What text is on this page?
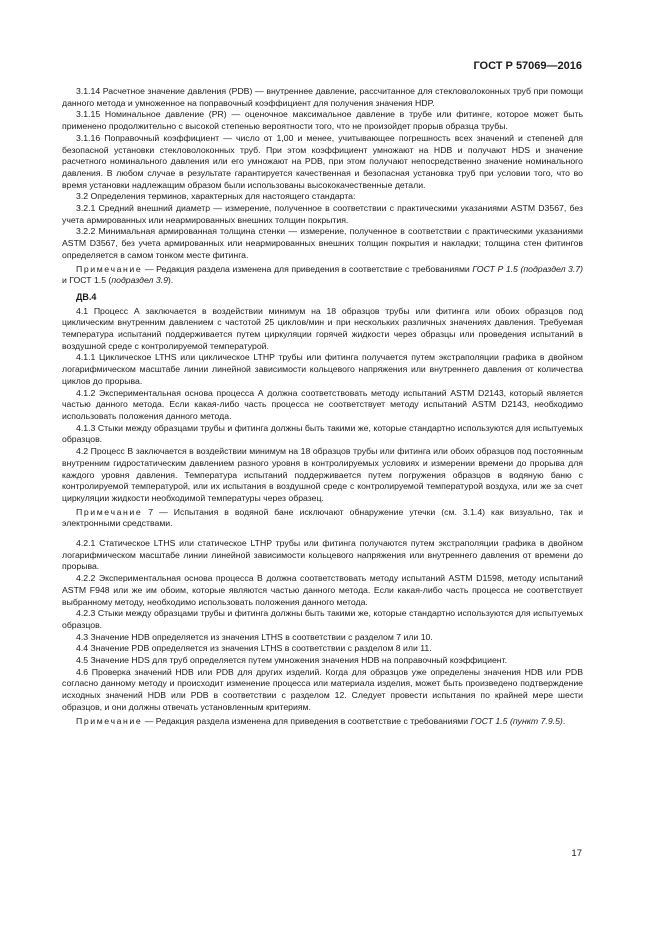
ГОСТ Р 57069—2016

3.1.14 Расчетное значение давления (PDB) — внутреннее давление, рассчитанное для стекловолоконных труб при помощи данного метода и умноженное на поправочный коэффициент для получения значения HDP.

3.1.15 Номинальное давление (PR) — оценочное максимальное давление в трубе или фитинге, которое может быть применено продолжительно с высокой степенью вероятности того, что не произойдет прорыв образца трубы.

3.1.16 Поправочный коэффициент — число от 1,00 и менее, учитывающее погрешность всех значений и степеней для безопасной установки стекловолоконных труб. При этом коэффициент умножают на HDB и получают HDS и значение расчетного номинального давления или его умножают на PDB, при этом получают непосредственно значение номинального давления. В любом случае в результате гарантируется качественная и безопасная установка труб при условии того, что во время установки надлежащим образом были использованы высококачественные детали.

3.2 Определения терминов, характерных для настоящего стандарта:

3.2.1 Средний внешний диаметр — измерение, полученное в соответствии с практическими указаниями ASTM D3567, без учета армированных или неармированных внешних толщин покрытия.

3.2.2 Минимальная армированная толщина стенки — измерение, полученное в соответствии с практическими указаниями ASTM D3567, без учета армированных или неармированных внешних толщин покрытия и накладки; толщина стен фитингов определяется в самом тонком месте фитинга.

Примечание — Редакция раздела изменена для приведения в соответствие с требованиями ГОСТ Р 1.5 (подраздел 3.7) и ГОСТ 1.5 (подраздел 3.9).

ДВ.4

4.1 Процесс А заключается в воздействии минимум на 18 образцов трубы или фитинга или обоих образцов под циклическим внутренним давлением с частотой 25 циклов/мин и при нескольких различных значениях давления. Требуемая температура испытаний поддерживается путем циркуляции горячей жидкости через образцы или проведения испытаний в воздушной среде с контролируемой температурой.

4.1.1 Циклическое LTHS или циклическое LTHP трубы или фитинга получается путем экстраполяции графика в двойном логарифмическом масштабе линии линейной зависимости кольцевого напряжения или внутреннего давления от количества циклов до прорыва.

4.1.2 Экспериментальная основа процесса А должна соответствовать методу испытаний ASTM D2143, который является частью данного метода. Если какая-либо часть процесса не соответствует методу испытаний ASTM D2143, необходимо использовать положения данного метода.

4.1.3 Стыки между образцами трубы и фитинга должны быть такими же, которые стандартно используются для испытуемых образцов.

4.2 Процесс В заключается в воздействии минимум на 18 образцов трубы или фитинга или обоих образцов под постоянным внутренним гидростатическим давлением разного уровня в контролируемых условиях и измерении времени до прорыва для каждого уровня давления. Температура испытаний поддерживается путем погружения образцов в водяную баню с контролируемой температурой, или их испытания в воздушной среде с контролируемой температурой воздуха, или же за счет циркуляции жидкости необходимой температуры через образец.

Примечание 7 — Испытания в водяной бане исключают обнаружение утечки (см. 3.1.4) как визуально, так и электронными средствами.

4.2.1 Статическое LTHS или статическое LTHP трубы или фитинга получаются путем экстраполяции графика в двойном логарифмическом масштабе линии линейной зависимости кольцевого напряжения или внутреннего давления от времени до прорыва.

4.2.2 Экспериментальная основа процесса В должна соответствовать методу испытаний ASTM D1598, методу испытаний ASTM F948 или же им обоим, которые являются частью данного метода. Если какая-либо часть процесса не соответствует выбранному методу, необходимо использовать положения данного метода.

4.2.3 Стыки между образцами трубы и фитинга должны быть такими же, которые стандартно используются для испытуемых образцов.

4.3 Значение HDB определяется из значения LTHS в соответствии с разделом 7 или 10.

4.4 Значение PDB определяется из значения LTHS в соответствии с разделом 8 или 11.

4.5 Значение HDS для труб определяется путем умножения значения HDB на поправочный коэффициент.

4.6 Проверка значений HDB или PDB для других изделий. Когда для образцов уже определены значения HDB или PDB согласно данному методу и происходит изменение процесса или материала изделия, может быть произведено подтверждение исходных значений HDB или PDB в соответствии с разделом 12. Следует провести испытания по крайней мере шести образцов, и они должны отвечать установленным критериям.

Примечание — Редакция раздела изменена для приведения в соответствие с требованиями ГОСТ 1.5 (пункт 7.9.5).

17
